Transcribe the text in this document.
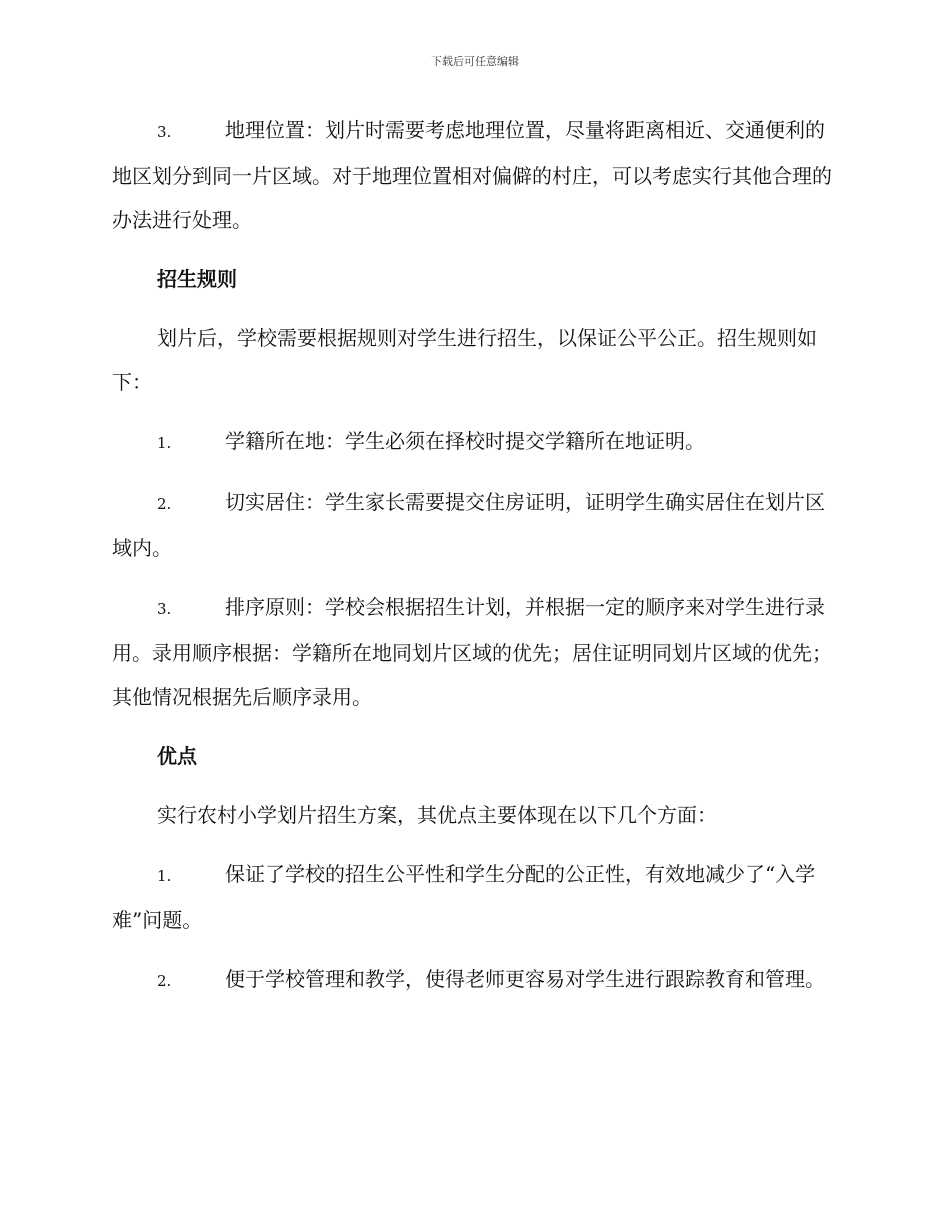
下载后可任意编辑

3.	地理位置：划片时需要考虑地理位置，尽量将距离相近、交通便利的地区划分到同一片区域。对于地理位置相对偏僻的村庄，可以考虑实行其他合理的办法进行处理。

招生规则

划片后，学校需要根据规则对学生进行招生，以保证公平公正。招生规则如下：

1.	学籍所在地：学生必须在择校时提交学籍所在地证明。

2.	切实居住：学生家长需要提交住房证明，证明学生确实居住在划片区域内。

3.	排序原则：学校会根据招生计划，并根据一定的顺序来对学生进行录用。录用顺序根据：学籍所在地同划片区域的优先；居住证明同划片区域的优先；其他情况根据先后顺序录用。

优点

实行农村小学划片招生方案，其优点主要体现在以下几个方面：

1.	保证了学校的招生公平性和学生分配的公正性，有效地减少了“入学难”问题。

2.	便于学校管理和教学，使得老师更容易对学生进行跟踪教育和管理。
